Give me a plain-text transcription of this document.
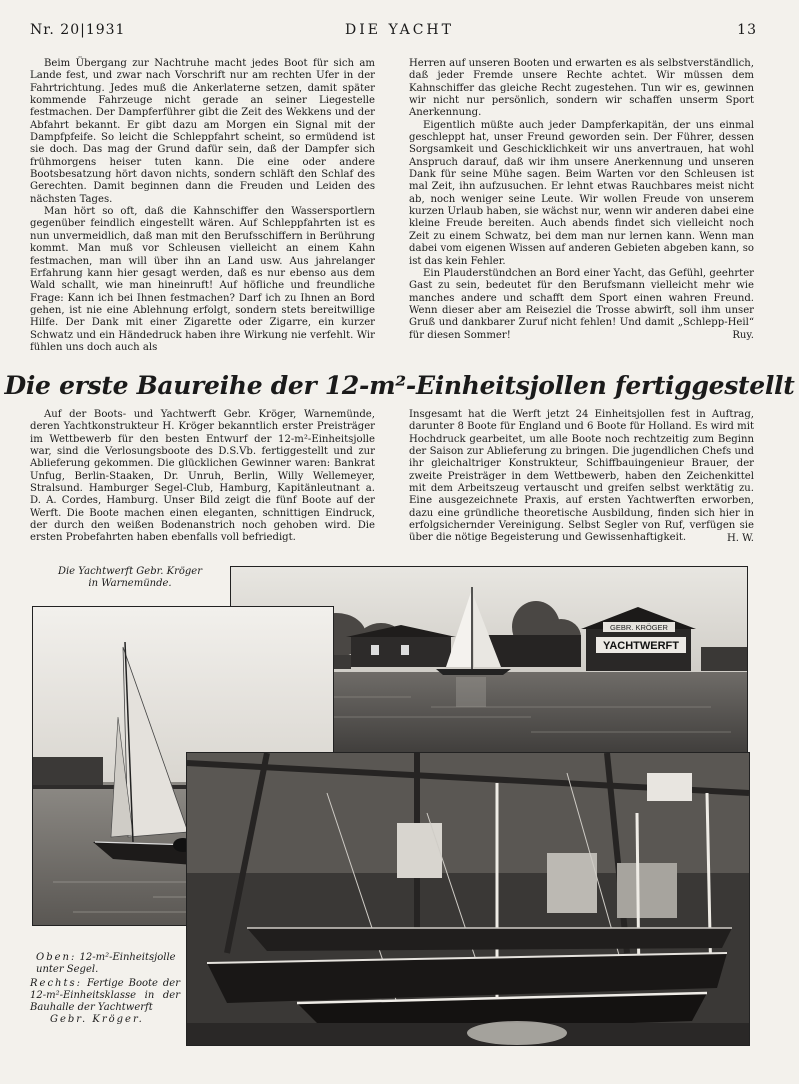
Nr. 20|1931	DIE YACHT	13

Beim Übergang zur Nachtruhe macht jedes Boot für sich am Lande fest, und zwar nach Vorschrift nur am rechten Ufer in der Fahrtrichtung. Jedes muß die Ankerlaterne setzen, damit später kommende Fahrzeuge nicht gerade an seiner Liegestelle festmachen. Der Dampferführer gibt die Zeit des Wekkens und der Abfahrt bekannt. Er gibt dazu am Morgen ein Signal mit der Dampfpfeife. So leicht die Schleppfahrt scheint, so ermüdend ist sie doch. Das mag der Grund dafür sein, daß der Dampfer sich frühmorgens heiser tuten kann. Die eine oder andere Bootsbesatzung hört davon nichts, sondern schläft den Schlaf des Gerechten. Damit beginnen dann die Freuden und Leiden des nächsten Tages.

Man hört so oft, daß die Kahnschiffer den Wassersportlern gegenüber feindlich eingestellt wären. Auf Schleppfahrten ist es nun unvermeidlich, daß man mit den Berufsschiffern in Berührung kommt. Man muß vor Schleusen vielleicht an einem Kahn festmachen, man will über ihn an Land usw. Aus jahrelanger Erfahrung kann hier gesagt werden, daß es nur ebenso aus dem Wald schallt, wie man hineinruft! Auf höfliche und freundliche Frage: Kann ich bei Ihnen festmachen? Darf ich zu Ihnen an Bord gehen, ist nie eine Ablehnung erfolgt, sondern stets bereitwillige Hilfe. Der Dank mit einer Zigarette oder Zigarre, ein kurzer Schwatz und ein Händedruck haben ihre Wirkung nie verfehlt. Wir fühlen uns doch auch als

Herren auf unseren Booten und erwarten es als selbstverständlich, daß jeder Fremde unsere Rechte achtet. Wir müssen dem Kahnschiffer das gleiche Recht zugestehen. Tun wir es, gewinnen wir nicht nur persönlich, sondern wir schaffen unserm Sport Anerkennung.

Eigentlich müßte auch jeder Dampferkapitän, der uns einmal geschleppt hat, unser Freund geworden sein. Der Führer, dessen Sorgsamkeit und Geschicklichkeit wir uns anvertrauen, hat wohl Anspruch darauf, daß wir ihm unsere Anerkennung und unseren Dank für seine Mühe sagen. Beim Warten vor den Schleusen ist mal Zeit, ihn aufzusuchen. Er lehnt etwas Rauchbares meist nicht ab, noch weniger seine Leute. Wir wollen Freude von unserem kurzen Urlaub haben, sie wächst nur, wenn wir anderen dabei eine kleine Freude bereiten. Auch abends findet sich vielleicht noch Zeit zu einem Schwatz, bei dem man nur lernen kann. Wenn man dabei vom eigenen Wissen auf anderen Gebieten abgeben kann, so ist das kein Fehler.

Ein Plauderstündchen an Bord einer Yacht, das Gefühl, geehrter Gast zu sein, bedeutet für den Berufsmann vielleicht mehr wie manches andere und schafft dem Sport einen wahren Freund. Wenn dieser aber am Reiseziel die Trosse abwirft, soll ihm unser Gruß und dankbarer Zuruf nicht fehlen! Und damit „Schlepp-Heil“ für diesen Sommer!	Ruy.
Die erste Baureihe der 12-m²-Einheitsjollen fertiggestellt

Auf der Boots- und Yachtwerft Gebr. Kröger, Warnemünde, deren Yachtkonstrukteur H. Kröger bekanntlich erster Preisträger im Wettbewerb für den besten Entwurf der 12-m²-Einheitsjolle war, sind die Verlosungsboote des D.S.Vb. fertiggestellt und zur Ablieferung gekommen. Die glücklichen Gewinner waren: Bankrat Unfug, Berlin-Staaken, Dr. Unruh, Berlin, Willy Wellemeyer, Stralsund. Hamburger Segel-Club, Hamburg, Kapitänleutnant a. D. A. Cordes, Hamburg. Unser Bild zeigt die fünf Boote auf der Werft. Die Boote machen einen eleganten, schnittigen Eindruck, der durch den weißen Bodenanstrich noch gehoben wird. Die ersten Probefahrten haben ebenfalls voll befriedigt.

Insgesamt hat die Werft jetzt 24 Einheitsjollen fest in Auftrag, darunter 8 Boote für England und 6 Boote für Holland. Es wird mit Hochdruck gearbeitet, um alle Boote noch rechtzeitig zum Beginn der Saison zur Ablieferung zu bringen. Die jugendlichen Chefs und ihr gleichaltriger Konstrukteur, Schiffbauingenieur Brauer, der zweite Preisträger in dem Wettbewerb, haben den Zeichenkittel mit dem Arbeitszeug vertauscht und greifen selbst werktätig zu. Eine ausgezeichnete Praxis, auf ersten Yachtwerften erworben, dazu eine gründliche theoretische Ausbildung, finden sich hier in erfolgsichernder Vereinigung. Selbst Segler von Ruf, verfügen sie über die nötige Begeisterung und Gewissenhaftigkeit.	H. W.
Die Yachtwerft Gebr. Kröger
in Warnemünde.
GEBR. KRÖGER
YACHTWERFT
Oben: 12-m²-Einheitsjolle unter Segel.
Rechts: Fertige Boote der 12-m²-Einheitsklasse in der Bauhalle der Yachtwerft
Gebr. Kröger.
